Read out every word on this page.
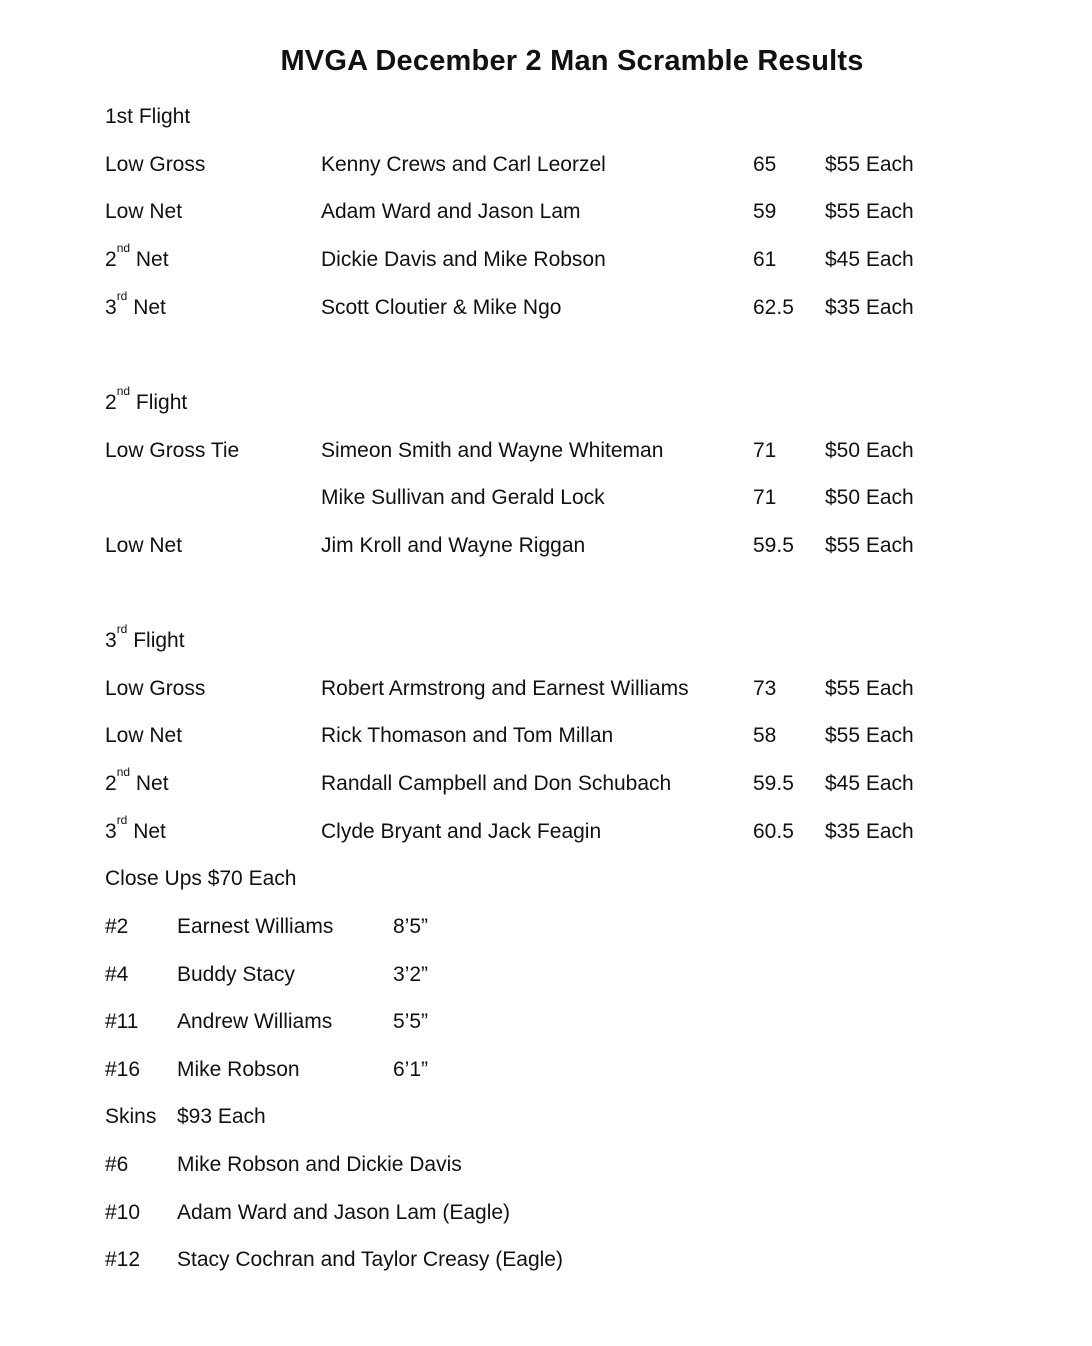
MVGA December 2 Man Scramble Results
1st Flight
Low Gross	Kenny Crews and Carl Leorzel	65 $55 Each
Low Net	Adam Ward and Jason Lam	59 $55 Each
2nd Net	Dickie Davis and Mike Robson	61 $45 Each
3rd Net	Scott Cloutier & Mike Ngo	62.5 $35 Each
2nd Flight
Low Gross Tie	Simeon Smith and Wayne Whiteman	71 $50 Each
Mike Sullivan and Gerald Lock	71 $50 Each
Low Net	Jim Kroll and Wayne Riggan	59.5 $55 Each
3rd Flight
Low Gross	Robert Armstrong and Earnest Williams	73 $55 Each
Low Net	Rick Thomason and Tom Millan	58 $55 Each
2nd Net	Randall Campbell and Don Schubach	59.5 $45 Each
3rd Net	Clyde Bryant and Jack Feagin	60.5 $35 Each
Close Ups $70 Each
#2 Earnest Williams	8’5”
#4 Buddy Stacy	3’2”
#11 Andrew Williams	5’5”
#16 Mike Robson	6’1”
Skins $93 Each
#6 Mike Robson and Dickie Davis
#10 Adam Ward and Jason Lam (Eagle)
#12 Stacy Cochran and Taylor Creasy (Eagle)
